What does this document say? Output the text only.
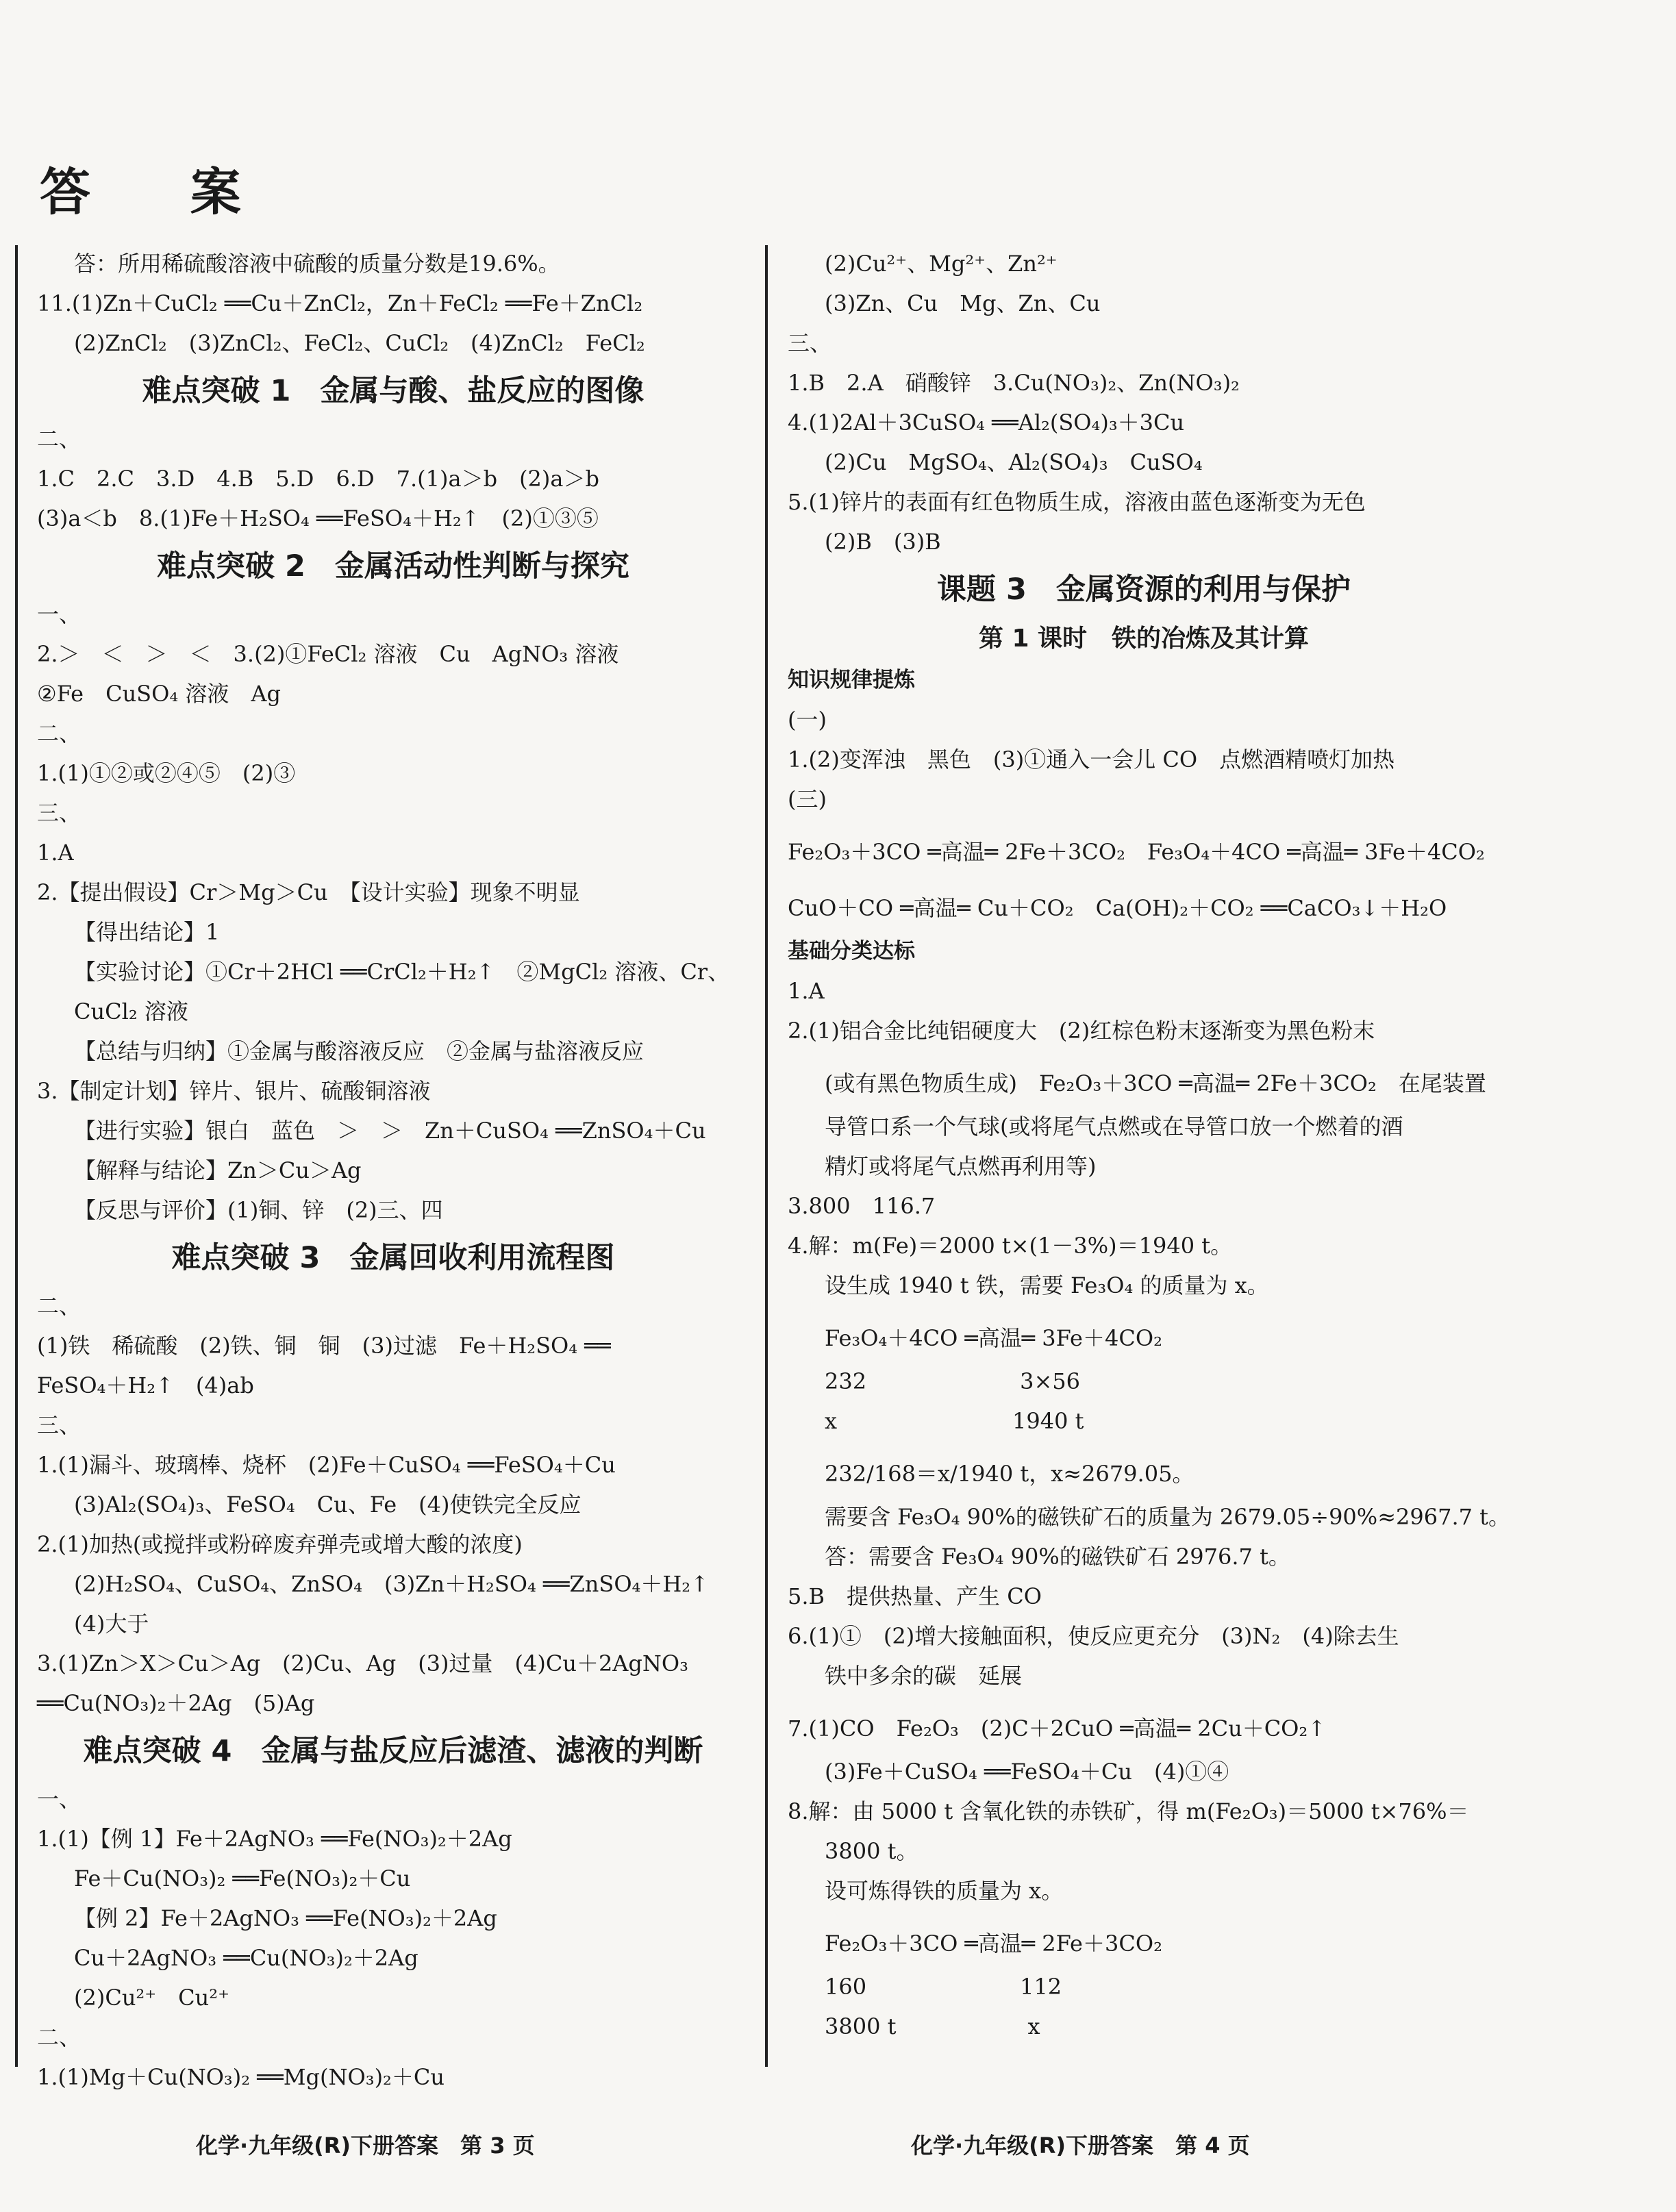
答 案
答：所用稀硫酸溶液中硫酸的质量分数是19.6%。
11.(1)Zn＋CuCl₂ ══Cu＋ZnCl₂，Zn＋FeCl₂ ══Fe＋ZnCl₂
(2)ZnCl₂　(3)ZnCl₂、FeCl₂、CuCl₂　(4)ZnCl₂　FeCl₂
难点突破 1　金属与酸、盐反应的图像
二、
1.C　2.C　3.D　4.B　5.D　6.D　7.(1)a＞b　(2)a＞b
(3)a＜b　8.(1)Fe＋H₂SO₄ ══FeSO₄＋H₂↑　(2)①③⑤
难点突破 2　金属活动性判断与探究
一、
2.＞　＜　＞　＜　3.(2)①FeCl₂ 溶液　Cu　AgNO₃ 溶液
②Fe　CuSO₄ 溶液　Ag
二、
1.(1)①②或②④⑤　(2)③
三、
1.A
2.【提出假设】Cr＞Mg＞Cu　【设计实验】现象不明显
【得出结论】1
【实验讨论】①Cr＋2HCl ══CrCl₂＋H₂↑　②MgCl₂ 溶液、Cr、
CuCl₂ 溶液
【总结与归纳】①金属与酸溶液反应　②金属与盐溶液反应
3.【制定计划】锌片、银片、硫酸铜溶液
【进行实验】银白　蓝色　＞　＞　Zn＋CuSO₄ ══ZnSO₄＋Cu
【解释与结论】Zn＞Cu＞Ag
【反思与评价】(1)铜、锌　(2)三、四
难点突破 3　金属回收利用流程图
二、
(1)铁　稀硫酸　(2)铁、铜　铜　(3)过滤　Fe＋H₂SO₄ ══
FeSO₄＋H₂↑　(4)ab
三、
1.(1)漏斗、玻璃棒、烧杯　(2)Fe＋CuSO₄ ══FeSO₄＋Cu
(3)Al₂(SO₄)₃、FeSO₄　Cu、Fe　(4)使铁完全反应
2.(1)加热(或搅拌或粉碎废弃弹壳或增大酸的浓度)
(2)H₂SO₄、CuSO₄、ZnSO₄　(3)Zn＋H₂SO₄ ══ZnSO₄＋H₂↑
(4)大于
3.(1)Zn＞X＞Cu＞Ag　(2)Cu、Ag　(3)过量　(4)Cu＋2AgNO₃
══Cu(NO₃)₂＋2Ag　(5)Ag
难点突破 4　金属与盐反应后滤渣、滤液的判断
一、
1.(1)【例 1】Fe＋2AgNO₃ ══Fe(NO₃)₂＋2Ag
Fe＋Cu(NO₃)₂ ══Fe(NO₃)₂＋Cu
【例 2】Fe＋2AgNO₃ ══Fe(NO₃)₂＋2Ag
Cu＋2AgNO₃ ══Cu(NO₃)₂＋2Ag
(2)Cu²⁺　Cu²⁺
二、
1.(1)Mg＋Cu(NO₃)₂ ══Mg(NO₃)₂＋Cu
(2)Cu²⁺、Mg²⁺、Zn²⁺
(3)Zn、Cu　Mg、Zn、Cu
三、
1.B　2.A　硝酸锌　3.Cu(NO₃)₂、Zn(NO₃)₂
4.(1)2Al＋3CuSO₄ ══Al₂(SO₄)₃＋3Cu
(2)Cu　MgSO₄、Al₂(SO₄)₃　CuSO₄
5.(1)锌片的表面有红色物质生成，溶液由蓝色逐渐变为无色
(2)B　(3)B
课题 3　金属资源的利用与保护
第 1 课时　铁的冶炼及其计算
知识规律提炼
(一)
1.(2)变浑浊　黑色　(3)①通入一会儿 CO　点燃酒精喷灯加热
(三)
Fe₂O₃＋3CO ═高温═ 2Fe＋3CO₂　Fe₃O₄＋4CO ═高温═ 3Fe＋4CO₂
CuO＋CO ═高温═ Cu＋CO₂　Ca(OH)₂＋CO₂ ══CaCO₃↓＋H₂O
基础分类达标
1.A
2.(1)铝合金比纯铝硬度大　(2)红棕色粉末逐渐变为黑色粉末
(或有黑色物质生成)　Fe₂O₃＋3CO ═高温═ 2Fe＋3CO₂　在尾装置
导管口系一个气球(或将尾气点燃或在导管口放一个燃着的酒
精灯或将尾气点燃再利用等)
3.800　116.7
4.解：m(Fe)＝2000 t×(1－3%)＝1940 t。
设生成 1940 t 铁，需要 Fe₃O₄ 的质量为 x。
Fe₃O₄＋4CO ═高温═ 3Fe＋4CO₂
232　　　　　　　3×56
x　　　　　　　　1940 t
232/168＝x/1940 t，x≈2679.05。
需要含 Fe₃O₄ 90%的磁铁矿石的质量为 2679.05÷90%≈2967.7 t。
答：需要含 Fe₃O₄ 90%的磁铁矿石 2976.7 t。
5.B　提供热量、产生 CO
6.(1)①　(2)增大接触面积，使反应更充分　(3)N₂　(4)除去生
铁中多余的碳　延展
7.(1)CO　Fe₂O₃　(2)C＋2CuO ═高温═ 2Cu＋CO₂↑
(3)Fe＋CuSO₄ ══FeSO₄＋Cu　(4)①④
8.解：由 5000 t 含氧化铁的赤铁矿，得 m(Fe₂O₃)＝5000 t×76%＝
3800 t。
设可炼得铁的质量为 x。
Fe₂O₃＋3CO ═高温═ 2Fe＋3CO₂
160　　　　　　　112
3800 t　　　　　　x
化学·九年级(R)下册答案　第 3 页	化学·九年级(R)下册答案　第 4 页
